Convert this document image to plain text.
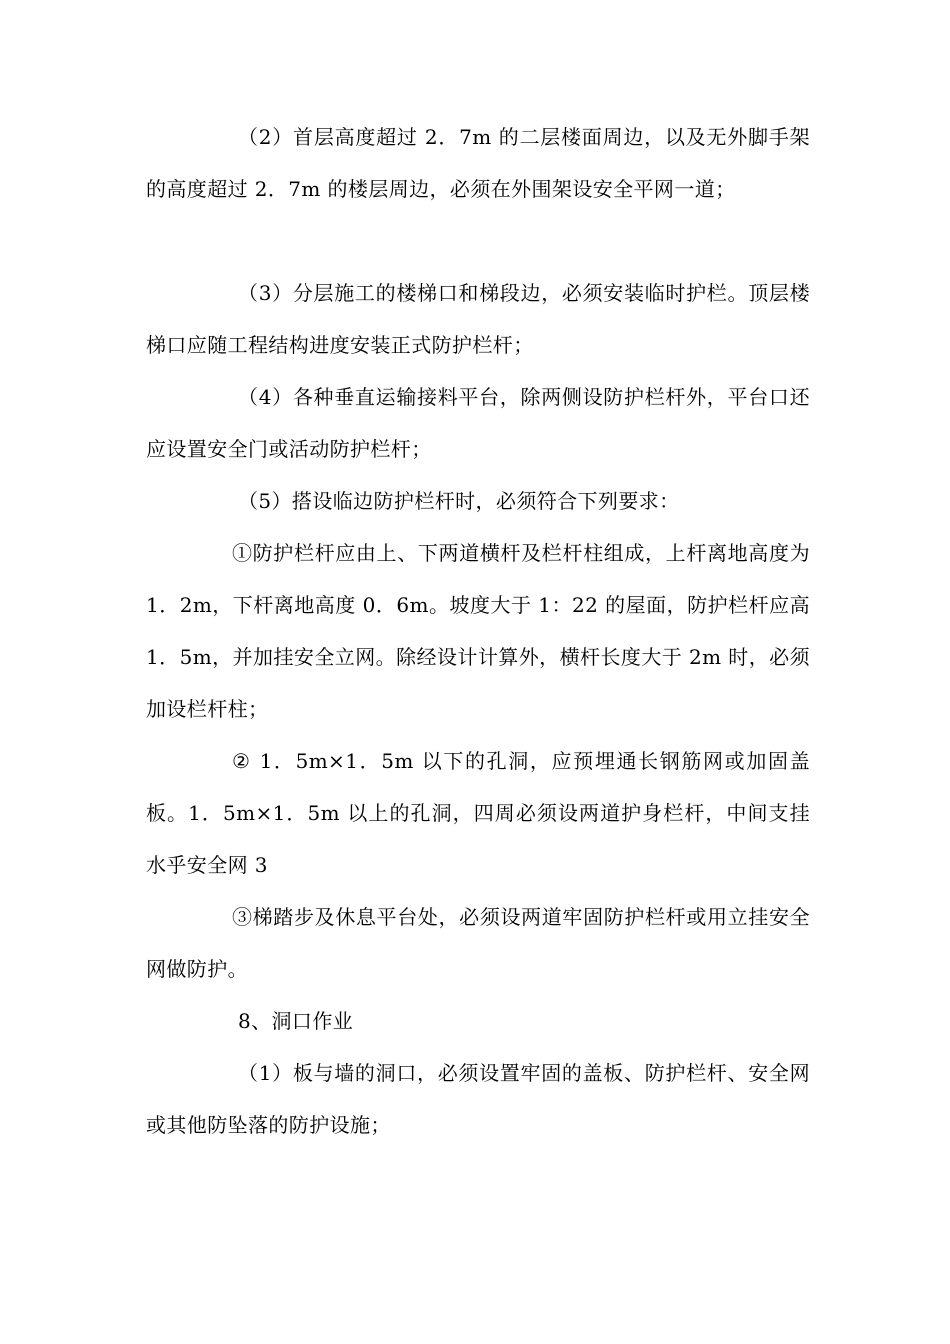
（2）首层高度超过 2．7m 的二层楼面周边，以及无外脚手架的高度超过 2．7m 的楼层周边，必须在外围架设安全平网一道；

（3）分层施工的楼梯口和梯段边，必须安装临时护栏。顶层楼梯口应随工程结构进度安装正式防护栏杆；

（4）各种垂直运输接料平台，除两侧设防护栏杆外，平台口还应设置安全门或活动防护栏杆；

（5）搭设临边防护栏杆时，必须符合下列要求：

①防护栏杆应由上、下两道横杆及栏杆柱组成，上杆离地高度为 1．2m，下杆离地高度 0．6m。坡度大于 1：22 的屋面，防护栏杆应高 1．5m，并加挂安全立网。除经设计计算外，横杆长度大于 2m 时，必须加设栏杆柱；

② 1．5m×1．5m 以下的孔洞，应预埋通长钢筋网或加固盖板。1．5m×1．5m 以上的孔洞，四周必须设两道护身栏杆，中间支挂水乎安全网 3

③梯踏步及休息平台处，必须设两道牢固防护栏杆或用立挂安全网做防护。

8、洞口作业

（1）板与墙的洞口，必须设置牢固的盖板、防护栏杆、安全网或其他防坠落的防护设施；
